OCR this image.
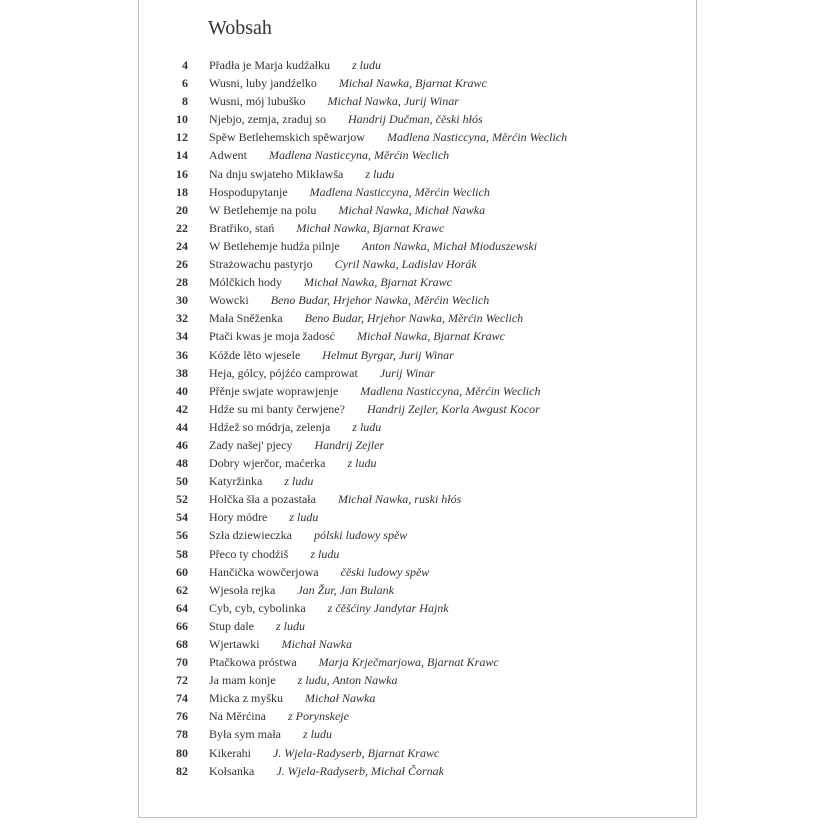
Wobsah
4 Přadła je Marja kudźałku z ludu
6 Wusni, luby jandźelko Michał Nawka, Bjarnat Krawc
8 Wusni, mój lubuško Michał Nawka, Jurij Winar
10 Njebjo, zemja, zraduj so Handrij Dučman, čěski hłós
12 Spěw Betlehemskich spěwarjow Madlena Nasticcyna, Měrćin Weclich
14 Adwent Madlena Nasticcyna, Měrćin Weclich
16 Na dnju swjateho Mikławša z ludu
18 Hospodupytanje Madlena Nasticcyna, Měrćin Weclich
20 W Betlehemje na polu Michał Nawka, Michał Nawka
22 Bratřiko, stań Michał Nawka, Bjarnat Krawc
24 W Betlehemje hudźa pilnje Anton Nawka, Michał Mioduszewski
26 Strażowachu pastyrjo Cyril Nawka, Ladislav Horák
28 Mólčkich hody Michał Nawka, Bjarnat Krawc
30 Wowcki Beno Budar, Hrjehor Nawka, Měrćin Weclich
32 Mała Sněženka Beno Budar, Hrjehor Nawka, Měrćin Weclich
34 Ptači kwas je moja žadosć Michał Nawka, Bjarnat Krawc
36 Kóžde lěto wjesele Helmut Byrgar, Jurij Winar
38 Heja, gólcy, pójźćo camprowat Jurij Winar
40 Přěnje swjate woprawjenje Madlena Nasticcyna, Měrćin Weclich
42 Hdźe su mi banty čerwjene? Handrij Zejler, Korla Awgust Kocor
44 Hdźež so módrja, zelenja z ludu
46 Zady našej' pjecy Handrij Zejler
48 Dobry wjerčor, maćerka z ludu
50 Katyržinka z ludu
52 Holčka šła a pozastała Michał Nawka, ruski hłós
54 Hory módre z ludu
56 Szła dziewieczka pólski ludowy spěw
58 Přeco ty chodźiš z ludu
60 Hančička wowčerjowa čěski ludowy spěw
62 Wjesoła rejka Jan Žur, Jan Bulank
64 Cyb, cyb, cybolinka z čěšćiny Jandytar Hajnk
66 Stup dale z ludu
68 Wjertawki Michał Nawka
70 Ptačkowa próstwa Marja Krječmarjowa, Bjarnat Krawc
72 Ja mam konje z ludu, Anton Nawka
74 Micka z myšku Michał Nawka
76 Na Měrćina z Porynskeje
78 Była sym mała z ludu
80 Kikerahi J. Wjela-Radyserb, Bjarnat Krawc
82 Kołsanka J. Wjela-Radyserb, Michał Čornak
